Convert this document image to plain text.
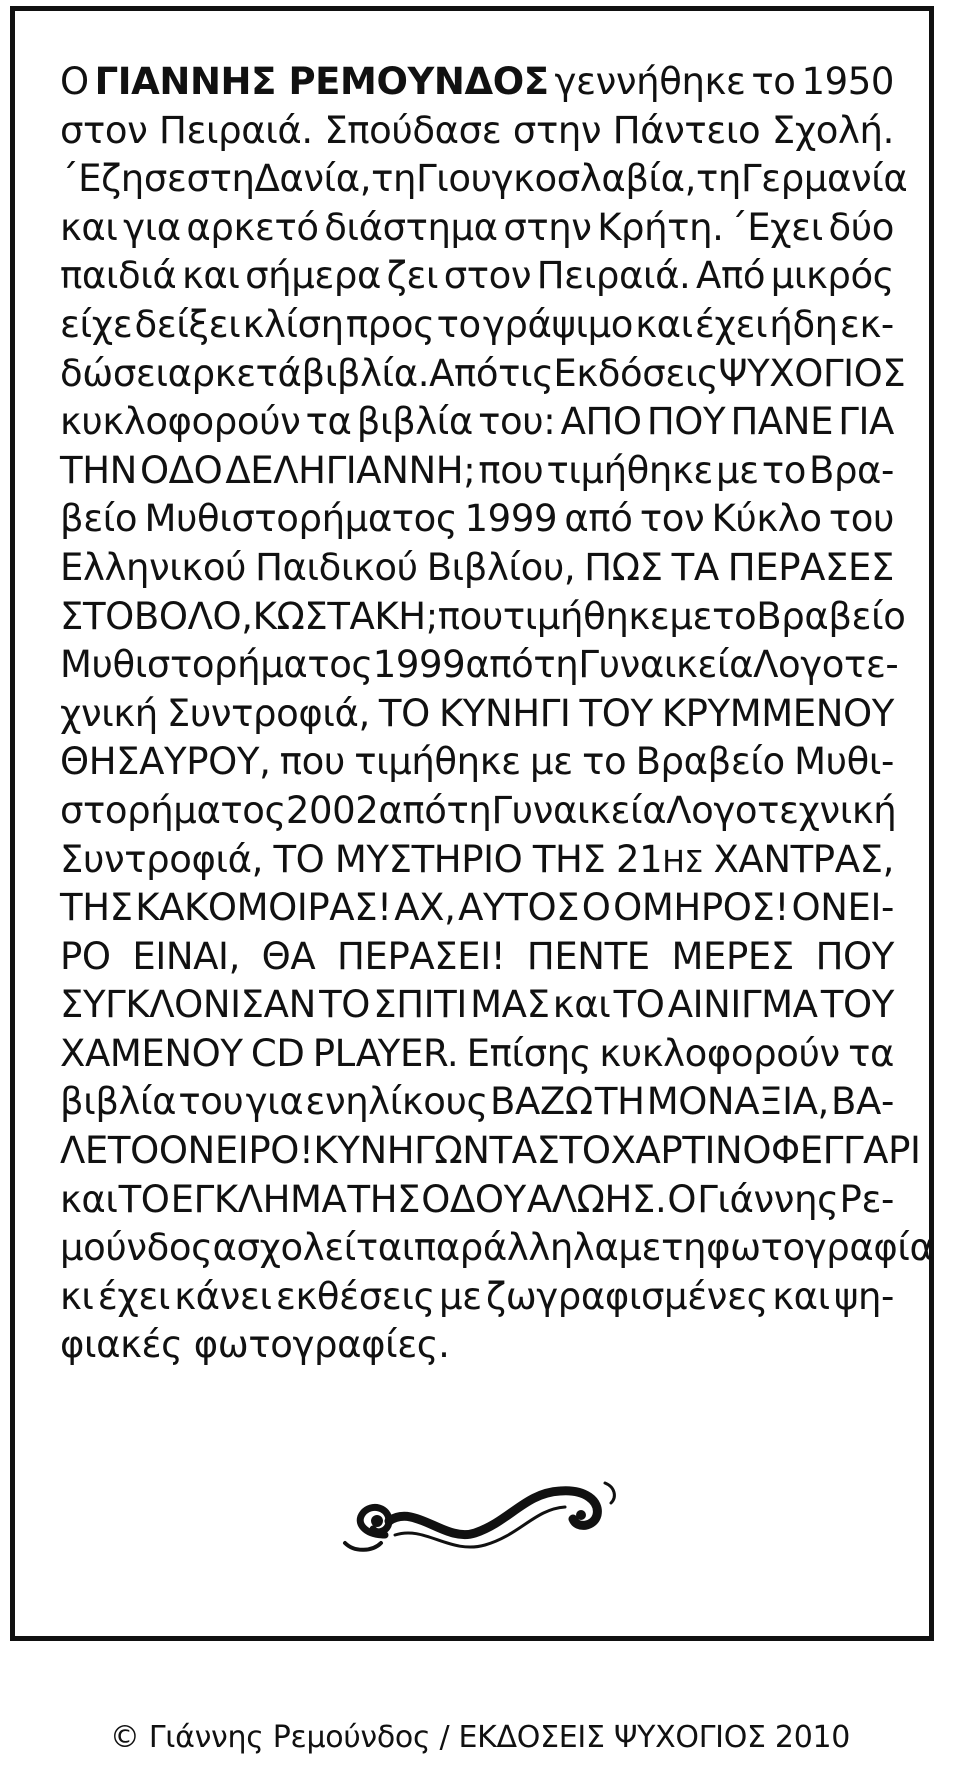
Ο ΓΙΑΝΝΗΣ ΡΕΜΟΥΝΔΟΣ γεννήθηκε το 1950
στον Πειραιά. Σπούδασε στην Πάντειο Σχολή.
΄Εζησε στη Δανία, τη Γιουγκοσλαβία, τη Γερμανία
και για αρκετό διάστημα στην Κρήτη. ΄Εχει δύο
παιδιά και σήμερα ζει στον Πειραιά. Από μικρός
είχε δείξει κλίση προς το γράψιμο και έχει ήδη εκ-
δώσει αρκετά βιβλία. Από τις Εκδόσεις ΨΥΧΟΓΙΟΣ
κυκλοφορούν τα βιβλία του: ΑΠΟ ΠΟΥ ΠΑΝΕ ΓΙΑ
ΤΗΝ ΟΔΟ ΔΕΛΗΓΙΑΝΝΗ; που τιμήθηκε με το Βρα-
βείο Μυθιστορήματος 1999 από τον Κύκλο του
Ελληνικού Παιδικού Βιβλίου, ΠΩΣ ΤΑ ΠΕΡΑΣΕΣ
ΣΤΟ ΒΟΛΟ, ΚΩΣΤΑΚΗ; που τιμήθηκε με το Βραβείο
Μυθιστορήματος 1999 από τη Γυναικεία Λογοτε-
χνική Συντροφιά, ΤΟ ΚΥΝΗΓΙ ΤΟΥ ΚΡΥΜΜΕΝΟΥ
ΘΗΣΑΥΡΟΥ, που τιμήθηκε με το Βραβείο Μυθι-
στορήματος 2002 από τη Γυναικεία Λογοτεχνική
Συντροφιά, ΤΟ ΜΥΣΤΗΡΙΟ ΤΗΣ 21ΗΣ ΧΑΝΤΡΑΣ,
ΤΗΣ ΚΑΚΟΜΟΙΡΑΣ! ΑΧ, ΑΥΤΟΣ Ο ΟΜΗΡΟΣ! ΟΝΕΙ-
ΡΟ ΕΙΝΑΙ, ΘΑ ΠΕΡΑΣΕΙ! ΠΕΝΤΕ ΜΕΡΕΣ ΠΟΥ
ΣΥΓΚΛΟΝΙΣΑΝ ΤΟ ΣΠΙΤΙ ΜΑΣ και ΤΟ ΑΙΝΙΓΜΑ ΤΟΥ
ΧΑΜΕΝΟΥ CD PLAYER. Επίσης κυκλοφορούν τα
βιβλία του για ενηλίκους ΒΑΖΩ ΤΗ ΜΟΝΑΞΙΑ, ΒΑ-
ΛΕ ΤΟ ΟΝΕΙΡΟ! ΚΥΝΗΓΩΝΤΑΣ ΤΟ ΧΑΡΤΙΝΟ ΦΕΓΓΑΡΙ
και ΤΟ ΕΓΚΛΗΜΑ ΤΗΣ ΟΔΟΥ ΑΛΩΗΣ. Ο Γιάννης Ρε-
μούνδος ασχολείται παράλληλα με τη φωτογραφία
κι έχει κάνει εκθέσεις με ζωγραφισμένες και ψη-
φιακές φωτογραφίες.
© Γιάννης Ρεμούνδος / ΕΚΔΟΣΕΙΣ ΨΥΧΟΓΙΟΣ 2010
